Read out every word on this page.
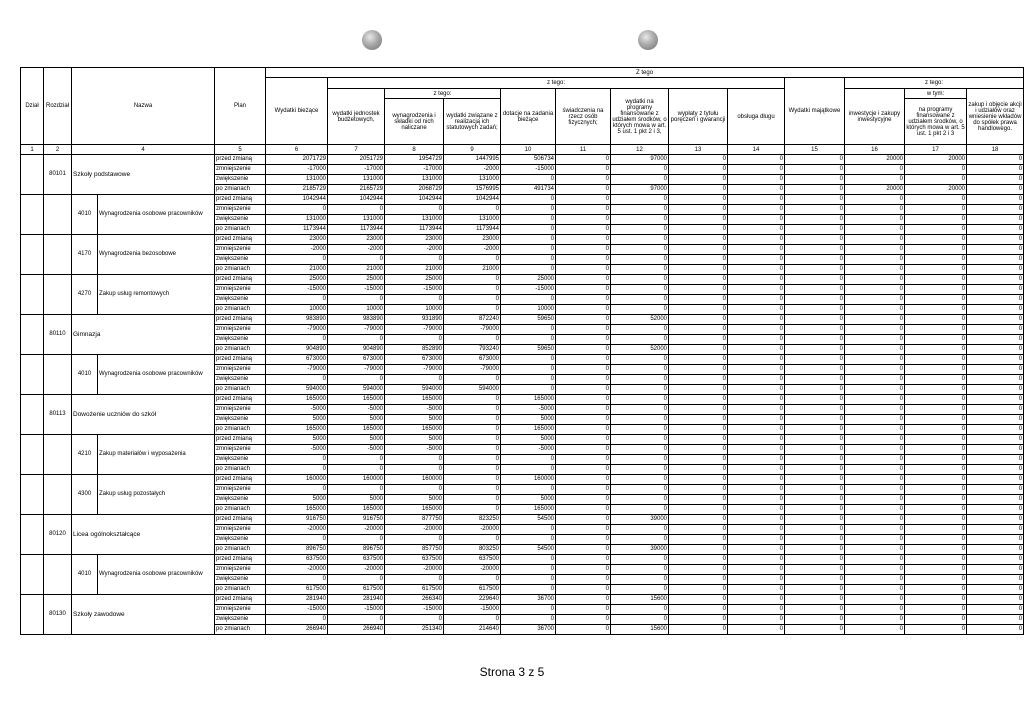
Dział	Rozdział	Nazwa		Plan	Z tego													
					Wydatki bieżące	z tego:								Wydatki majątkowe	z tego:			
						wydatki jednostek budżetowych,	z tego:		dotacje na zadania bieżące	świadczenia na rzecz osób fizycznych;	wydatki na programy finansowane z udziałem środków, o których mowa w art. 5 ust. 1 pkt 2 i 3,	wypłaty z tytułu poręczeń i gwarancji	obsługa długu		inwestycje i zakupy inwestycyjne	w tym:	zakup i objęcie akcji i udziałów oraz wniesienie wkładów do spółek prawa handlowego.	
							wynagrodzenia i składki od nich naliczane	wydatki związane z realizacją ich statutowych zadań;								na programy finansowane z udziałem środków, o których mowa w art. 5 ust. 1 pkt 2 i 3		

1	2	4		5	6	7	8	9	10	11	12	13	14	15	16	17	18	
	80101	Szkoły podstawowe		przed zmianą	2071729	2051729	1954729	1447995	506734	0	97000	0	0	0	20000	20000	0	
				zmniejszenie	-17000	-17000	-17000	-2000	-15000	0	0	0	0	0	0	0	0	
				zwiększenie	131000	131000	131000	131000	0	0	0	0	0	0	0	0	0	
				po zmianach	2185729	2165729	2068729	1576995	491734	0	97000	0	0	0	20000	20000	0	
		4010	Wynagrodzenia osobowe pracowników	przed zmianą	1042944	1042944	1042944	1042944	0	0	0	0	0	0	0	0	0	
				zmniejszenie	0	0	0	0	0	0	0	0	0	0	0	0	0	
				zwiększenie	131000	131000	131000	131000	0	0	0	0	0	0	0	0	0	
				po zmianach	1173944	1173944	1173944	1173944	0	0	0	0	0	0	0	0	0	
		4170	Wynagrodzenia bezosobowe	przed zmianą	23000	23000	23000	23000	0	0	0	0	0	0	0	0	0	
				zmniejszenie	-2000	-2000	-2000	-2000	0	0	0	0	0	0	0	0	0	
				zwiększenie	0	0	0	0	0	0	0	0	0	0	0	0	0	
				po zmianach	21000	21000	21000	21000	0	0	0	0	0	0	0	0	0	
		4270	Zakup usług remontowych	przed zmianą	25000	25000	25000	0	25000	0	0	0	0	0	0	0	0	
				zmniejszenie	-15000	-15000	-15000	0	-15000	0	0	0	0	0	0	0	0	
				zwiększenie	0	0	0	0	0	0	0	0	0	0	0	0	0	
				po zmianach	10000	10000	10000	0	10000	0	0	0	0	0	0	0	0	
	80110	Gimnazja		przed zmianą	983890	983890	931890	872240	59650	0	52000	0	0	0	0	0	0	
				zmniejszenie	-79000	-79000	-79000	-79000	0	0	0	0	0	0	0	0	0	
				zwiększenie	0	0	0	0	0	0	0	0	0	0	0	0	0	
				po zmianach	904890	904890	852890	793240	59650	0	52000	0	0	0	0	0	0	
		4010	Wynagrodzenia osobowe pracowników	przed zmianą	673000	673000	673000	673000	0	0	0	0	0	0	0	0	0	
				zmniejszenie	-79000	-79000	-79000	-79000	0	0	0	0	0	0	0	0	0	
				zwiększenie	0	0	0	0	0	0	0	0	0	0	0	0	0	
				po zmianach	594000	594000	594000	594000	0	0	0	0	0	0	0	0	0	
	80113	Dowożenie uczniów do szkół		przed zmianą	165000	165000	165000	0	165000	0	0	0	0	0	0	0	0	
				zmniejszenie	-5000	-5000	-5000	0	-5000	0	0	0	0	0	0	0	0	
				zwiększenie	5000	5000	5000	0	5000	0	0	0	0	0	0	0	0	
				po zmianach	165000	165000	165000	0	165000	0	0	0	0	0	0	0	0	
		4210	Zakup materiałów i wyposażenia	przed zmianą	5000	5000	5000	0	5000	0	0	0	0	0	0	0	0	
				zmniejszenie	-5000	-5000	-5000	0	-5000	0	0	0	0	0	0	0	0	
				zwiększenie	0	0	0	0	0	0	0	0	0	0	0	0	0	
				po zmianach	0	0	0	0	0	0	0	0	0	0	0	0	0	
		4300	Zakup usług pozostałych	przed zmianą	160000	160000	160000	0	160000	0	0	0	0	0	0	0	0	
				zmniejszenie	0	0	0	0	0	0	0	0	0	0	0	0	0	
				zwiększenie	5000	5000	5000	0	5000	0	0	0	0	0	0	0	0	
				po zmianach	165000	165000	165000	0	165000	0	0	0	0	0	0	0	0	
	80120	Licea ogólnokształcące		przed zmianą	916750	916750	877750	823250	54500	0	39000	0	0	0	0	0	0	
				zmniejszenie	-20000	-20000	-20000	-20000	0	0	0	0	0	0	0	0	0	
				zwiększenie	0	0	0	0	0	0	0	0	0	0	0	0	0	
				po zmianach	896750	896750	857750	803250	54500	0	39000	0	0	0	0	0	0	
		4010	Wynagrodzenia osobowe pracowników	przed zmianą	637500	637500	637500	637500	0	0	0	0	0	0	0	0	0	
				zmniejszenie	-20000	-20000	-20000	-20000	0	0	0	0	0	0	0	0	0	
				zwiększenie	0	0	0	0	0	0	0	0	0	0	0	0	0	
				po zmianach	617500	617500	617500	617500	0	0	0	0	0	0	0	0	0	
	80130	Szkoły zawodowe		przed zmianą	281940	281940	266340	229640	36700	0	15600	0	0	0	0	0	0	
				zmniejszenie	-15000	-15000	-15000	-15000	0	0	0	0	0	0	0	0	0	
				zwiększenie	0	0	0	0	0	0	0	0	0	0	0	0	0	
				po zmianach	266940	266940	251340	214640	36700	0	15600	0	0	0	0	0	0	
Strona 3 z 5
